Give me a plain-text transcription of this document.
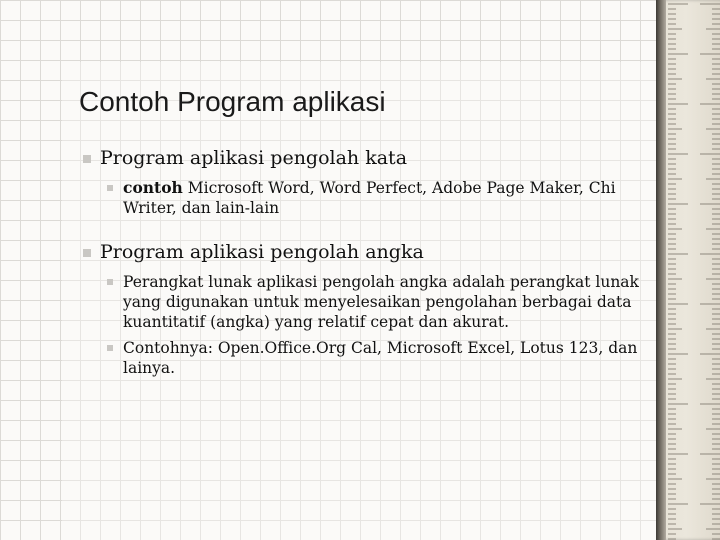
Contoh Program aplikasi
Program aplikasi pengolah kata
contoh Microsoft Word, Word Perfect, Adobe Page Maker, Chi Writer, dan lain-lain
Program aplikasi pengolah angka
Perangkat lunak aplikasi pengolah angka adalah perangkat lunak yang digunakan untuk menyelesaikan pengolahan berbagai data kuantitatif (angka) yang relatif cepat dan akurat.
Contohnya: Open.Office.Org Cal, Microsoft Excel, Lotus 123, dan lainya.
